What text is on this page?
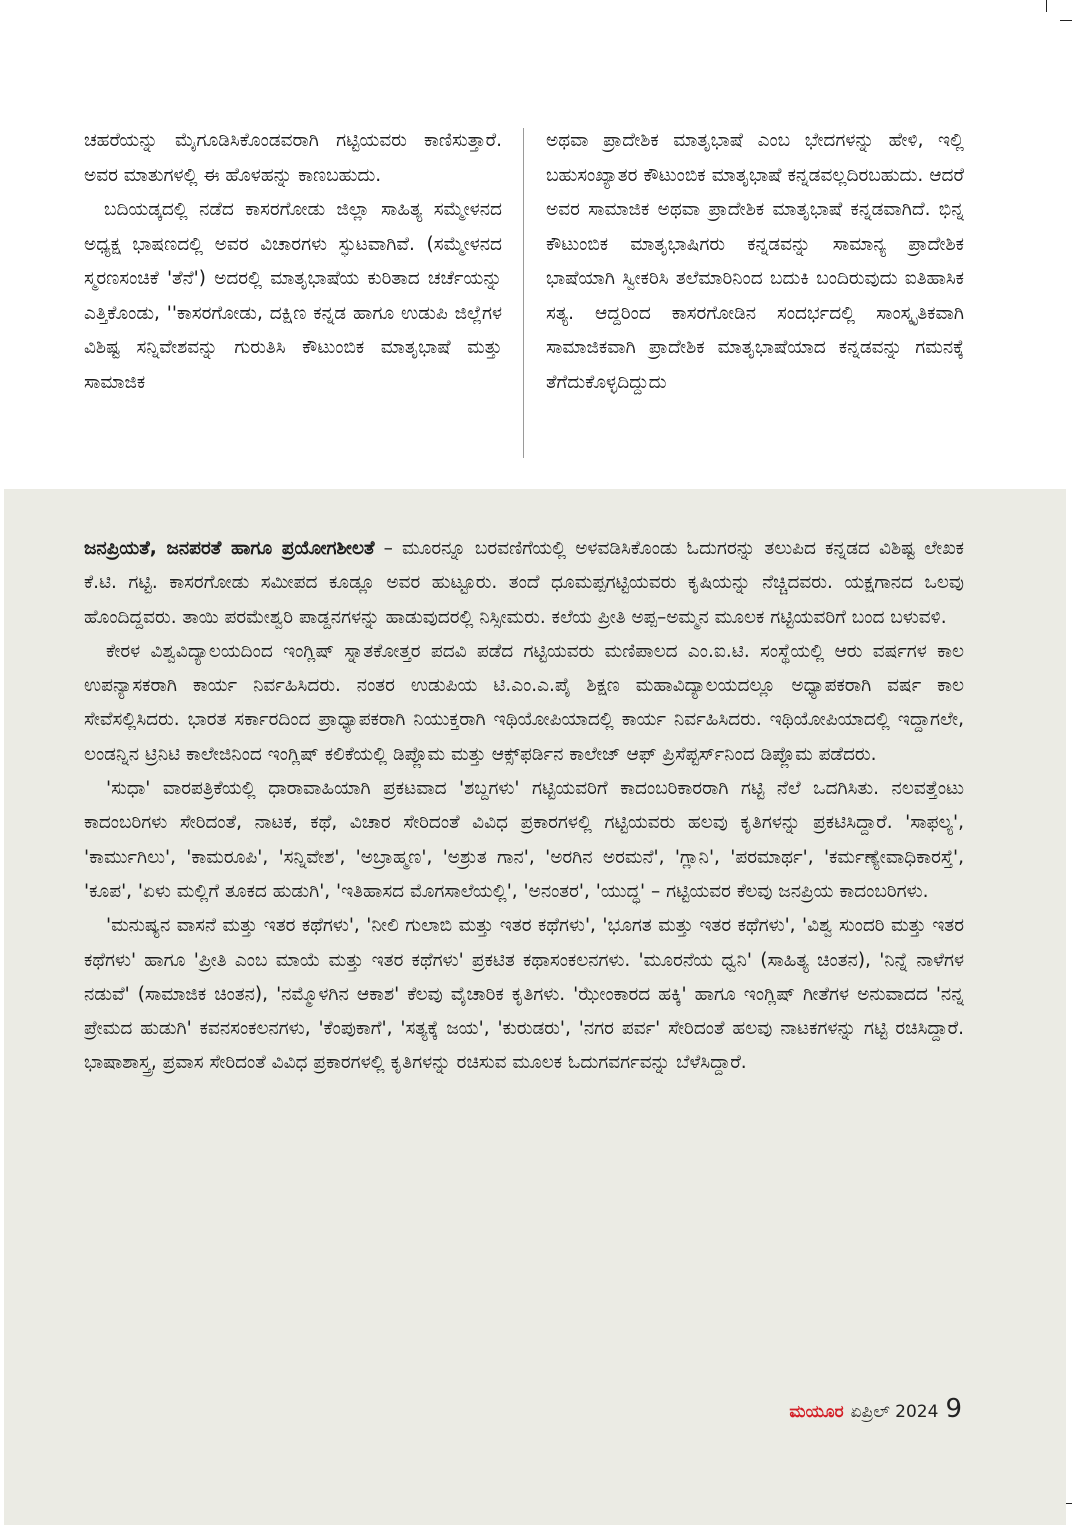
ಚಹರೆಯನ್ನು ಮೈಗೂಡಿಸಿಕೊಂಡವರಾಗಿ ಗಟ್ಟಿಯವರು ಕಾಣಿಸುತ್ತಾರೆ. ಅವರ ಮಾತುಗಳಲ್ಲಿ ಈ ಹೊಳಹನ್ನು ಕಾಣಬಹುದು.

ಬದಿಯಡ್ಕದಲ್ಲಿ ನಡೆದ ಕಾಸರಗೋಡು ಜಿಲ್ಲಾ ಸಾಹಿತ್ಯ ಸಮ್ಮೇಳನದ ಅಧ್ಯಕ್ಷ ಭಾಷಣದಲ್ಲಿ ಅವರ ವಿಚಾರಗಳು ಸ್ಫುಟವಾಗಿವೆ. (ಸಮ್ಮೇಳನದ ಸ್ಮರಣಸಂಚಿಕೆ 'ತೆನೆ') ಅದರಲ್ಲಿ ಮಾತೃಭಾಷೆಯ ಕುರಿತಾದ ಚರ್ಚೆಯನ್ನು ಎತ್ತಿಕೊಂಡು, ''ಕಾಸರಗೋಡು, ದಕ್ಷಿಣ ಕನ್ನಡ ಹಾಗೂ ಉಡುಪಿ ಜಿಲ್ಲೆಗಳ ವಿಶಿಷ್ಟ ಸನ್ನಿವೇಶವನ್ನು ಗುರುತಿಸಿ ಕೌಟುಂಬಿಕ ಮಾತೃಭಾಷೆ ಮತ್ತು ಸಾಮಾಜಿಕ

ಅಥವಾ ಪ್ರಾದೇಶಿಕ ಮಾತೃಭಾಷೆ ಎಂಬ ಭೇದಗಳನ್ನು ಹೇಳಿ, ಇಲ್ಲಿ ಬಹುಸಂಖ್ಯಾತರ ಕೌಟುಂಬಿಕ ಮಾತೃಭಾಷೆ ಕನ್ನಡವಲ್ಲದಿರಬಹುದು. ಆದರೆ ಅವರ ಸಾಮಾಜಿಕ ಅಥವಾ ಪ್ರಾದೇಶಿಕ ಮಾತೃಭಾಷೆ ಕನ್ನಡವಾಗಿದೆ. ಭಿನ್ನ ಕೌಟುಂಬಿಕ ಮಾತೃಭಾಷಿಗರು ಕನ್ನಡವನ್ನು ಸಾಮಾನ್ಯ ಪ್ರಾದೇಶಿಕ ಭಾಷೆಯಾಗಿ ಸ್ವೀಕರಿಸಿ ತಲೆಮಾರಿನಿಂದ ಬದುಕಿ ಬಂದಿರುವುದು ಐತಿಹಾಸಿಕ ಸತ್ಯ. ಆದ್ದರಿಂದ ಕಾಸರಗೋಡಿನ ಸಂದರ್ಭದಲ್ಲಿ ಸಾಂಸ್ಕೃತಿಕವಾಗಿ ಸಾಮಾಜಿಕವಾಗಿ ಪ್ರಾದೇಶಿಕ ಮಾತೃಭಾಷೆಯಾದ ಕನ್ನಡವನ್ನು ಗಮನಕ್ಕೆ ತೆಗೆದುಕೊಳ್ಳದಿದ್ದುದು

ಜನಪ್ರಿಯತೆ, ಜನಪರತೆ ಹಾಗೂ ಪ್ರಯೋಗಶೀಲತೆ – ಮೂರನ್ನೂ ಬರವಣಿಗೆಯಲ್ಲಿ ಅಳವಡಿಸಿಕೊಂಡು ಓದುಗರನ್ನು ತಲುಪಿದ ಕನ್ನಡದ ವಿಶಿಷ್ಟ ಲೇಖಕ ಕೆ.ಟಿ. ಗಟ್ಟಿ. ಕಾಸರಗೋಡು ಸಮೀಪದ ಕೂಡ್ಲೂ ಅವರ ಹುಟ್ಟೂರು. ತಂದೆ ಧೂಮಪ್ಪಗಟ್ಟಿಯವರು ಕೃಷಿಯನ್ನು ನೆಚ್ಚಿದವರು. ಯಕ್ಷಗಾನದ ಒಲವು ಹೊಂದಿದ್ದವರು. ತಾಯಿ ಪರಮೇಶ್ವರಿ ಪಾಡ್ದನಗಳನ್ನು ಹಾಡುವುದರಲ್ಲಿ ನಿಸ್ಸೀಮರು. ಕಲೆಯ ಪ್ರೀತಿ ಅಪ್ಪ–ಅಮ್ಮನ ಮೂಲಕ ಗಟ್ಟಿಯವರಿಗೆ ಬಂದ ಬಳುವಳಿ.

ಕೇರಳ ವಿಶ್ವವಿದ್ಯಾಲಯದಿಂದ ಇಂಗ್ಲಿಷ್ ಸ್ನಾತಕೋತ್ತರ ಪದವಿ ಪಡೆದ ಗಟ್ಟಿಯವರು ಮಣಿಪಾಲದ ಎಂ.ಐ.ಟಿ. ಸಂಸ್ಥೆಯಲ್ಲಿ ಆರು ವರ್ಷಗಳ ಕಾಲ ಉಪನ್ಯಾಸಕರಾಗಿ ಕಾರ್ಯ ನಿರ್ವಹಿಸಿದರು. ನಂತರ ಉಡುಪಿಯ ಟಿ.ಎಂ.ಎ.ಪೈ ಶಿಕ್ಷಣ ಮಹಾವಿದ್ಯಾಲಯದಲ್ಲೂ ಅಧ್ಯಾಪಕರಾಗಿ ವರ್ಷ ಕಾಲ ಸೇವೆಸಲ್ಲಿಸಿದರು. ಭಾರತ ಸರ್ಕಾರದಿಂದ ಪ್ರಾಧ್ಯಾಪಕರಾಗಿ ನಿಯುಕ್ತರಾಗಿ ಇಥಿಯೋಪಿಯಾದಲ್ಲಿ ಕಾರ್ಯ ನಿರ್ವಹಿಸಿದರು. ಇಥಿಯೋಪಿಯಾದಲ್ಲಿ ಇದ್ದಾಗಲೇ, ಲಂಡನ್ನಿನ ಟ್ರಿನಿಟಿ ಕಾಲೇಜಿನಿಂದ ಇಂಗ್ಲಿಷ್ ಕಲಿಕೆಯಲ್ಲಿ ಡಿಪ್ಲೊಮ ಮತ್ತು ಆಕ್ಸ್‌ಫರ್ಡಿನ ಕಾಲೇಜ್ ಆಫ್ ಪ್ರಿಸೆಪ್ಟರ್ಸ್‌ನಿಂದ ಡಿಪ್ಲೊಮ ಪಡೆದರು.

'ಸುಧಾ' ವಾರಪತ್ರಿಕೆಯಲ್ಲಿ ಧಾರಾವಾಹಿಯಾಗಿ ಪ್ರಕಟವಾದ 'ಶಬ್ದಗಳು' ಗಟ್ಟಿಯವರಿಗೆ ಕಾದಂಬರಿಕಾರರಾಗಿ ಗಟ್ಟಿ ನೆಲೆ ಒದಗಿಸಿತು. ನಲವತ್ತೆಂಟು ಕಾದಂಬರಿಗಳು ಸೇರಿದಂತೆ, ನಾಟಕ, ಕಥೆ, ವಿಚಾರ ಸೇರಿದಂತೆ ವಿವಿಧ ಪ್ರಕಾರಗಳಲ್ಲಿ ಗಟ್ಟಿಯವರು ಹಲವು ಕೃತಿಗಳನ್ನು ಪ್ರಕಟಿಸಿದ್ದಾರೆ. 'ಸಾಫಲ್ಯ', 'ಕಾರ್ಮುಗಿಲು', 'ಕಾಮರೂಪಿ', 'ಸನ್ನಿವೇಶ', 'ಅಬ್ರಾಹ್ಮಣ', 'ಅಶ್ರುತ ಗಾನ', 'ಅರಗಿನ ಅರಮನೆ', 'ಗ್ಲಾನಿ', 'ಪರಮಾರ್ಥ', 'ಕರ್ಮಣ್ಯೇವಾಧಿಕಾರಸ್ತೆ', 'ಕೂಪ', 'ಏಳು ಮಲ್ಲಿಗೆ ತೂಕದ ಹುಡುಗಿ', 'ಇತಿಹಾಸದ ಮೊಗಸಾಲೆಯಲ್ಲಿ', 'ಅನಂತರ', 'ಯುದ್ಧ' – ಗಟ್ಟಿಯವರ ಕೆಲವು ಜನಪ್ರಿಯ ಕಾದಂಬರಿಗಳು.

'ಮನುಷ್ಯನ ವಾಸನೆ ಮತ್ತು ಇತರ ಕಥೆಗಳು', 'ನೀಲಿ ಗುಲಾಬಿ ಮತ್ತು ಇತರ ಕಥೆಗಳು', 'ಭೂಗತ ಮತ್ತು ಇತರ ಕಥೆಗಳು', 'ವಿಶ್ವ ಸುಂದರಿ ಮತ್ತು ಇತರ ಕಥೆಗಳು' ಹಾಗೂ 'ಪ್ರೀತಿ ಎಂಬ ಮಾಯೆ ಮತ್ತು ಇತರ ಕಥೆಗಳು' ಪ್ರಕಟಿತ ಕಥಾಸಂಕಲನಗಳು. 'ಮೂರನೆಯ ಧ್ವನಿ' (ಸಾಹಿತ್ಯ ಚಿಂತನ), 'ನಿನ್ನೆ ನಾಳೆಗಳ ನಡುವೆ' (ಸಾಮಾಜಿಕ ಚಿಂತನ), 'ನಮ್ಮೊಳಗಿನ ಆಕಾಶ' ಕೆಲವು ವೈಚಾರಿಕ ಕೃತಿಗಳು. 'ಝೇಂಕಾರದ ಹಕ್ಕಿ' ಹಾಗೂ ಇಂಗ್ಲಿಷ್ ಗೀತೆಗಳ ಅನುವಾದದ 'ನನ್ನ ಪ್ರೇಮದ ಹುಡುಗಿ' ಕವನಸಂಕಲನಗಳು, 'ಕೆಂಪುಕಾಗೆ', 'ಸತ್ಯಕ್ಕೆ ಜಯ', 'ಕುರುಡರು', 'ನಗರ ಪರ್ವ' ಸೇರಿದಂತೆ ಹಲವು ನಾಟಕಗಳನ್ನು ಗಟ್ಟಿ ರಚಿಸಿದ್ದಾರೆ. ಭಾಷಾಶಾಸ್ತ್ರ, ಪ್ರವಾಸ ಸೇರಿದಂತೆ ವಿವಿಧ ಪ್ರಕಾರಗಳಲ್ಲಿ ಕೃತಿಗಳನ್ನು ರಚಿಸುವ ಮೂಲಕ ಓದುಗವರ್ಗವನ್ನು ಬೆಳೆಸಿದ್ದಾರೆ.

ಮಯೂರ ಏಪ್ರಿಲ್ 2024 9
